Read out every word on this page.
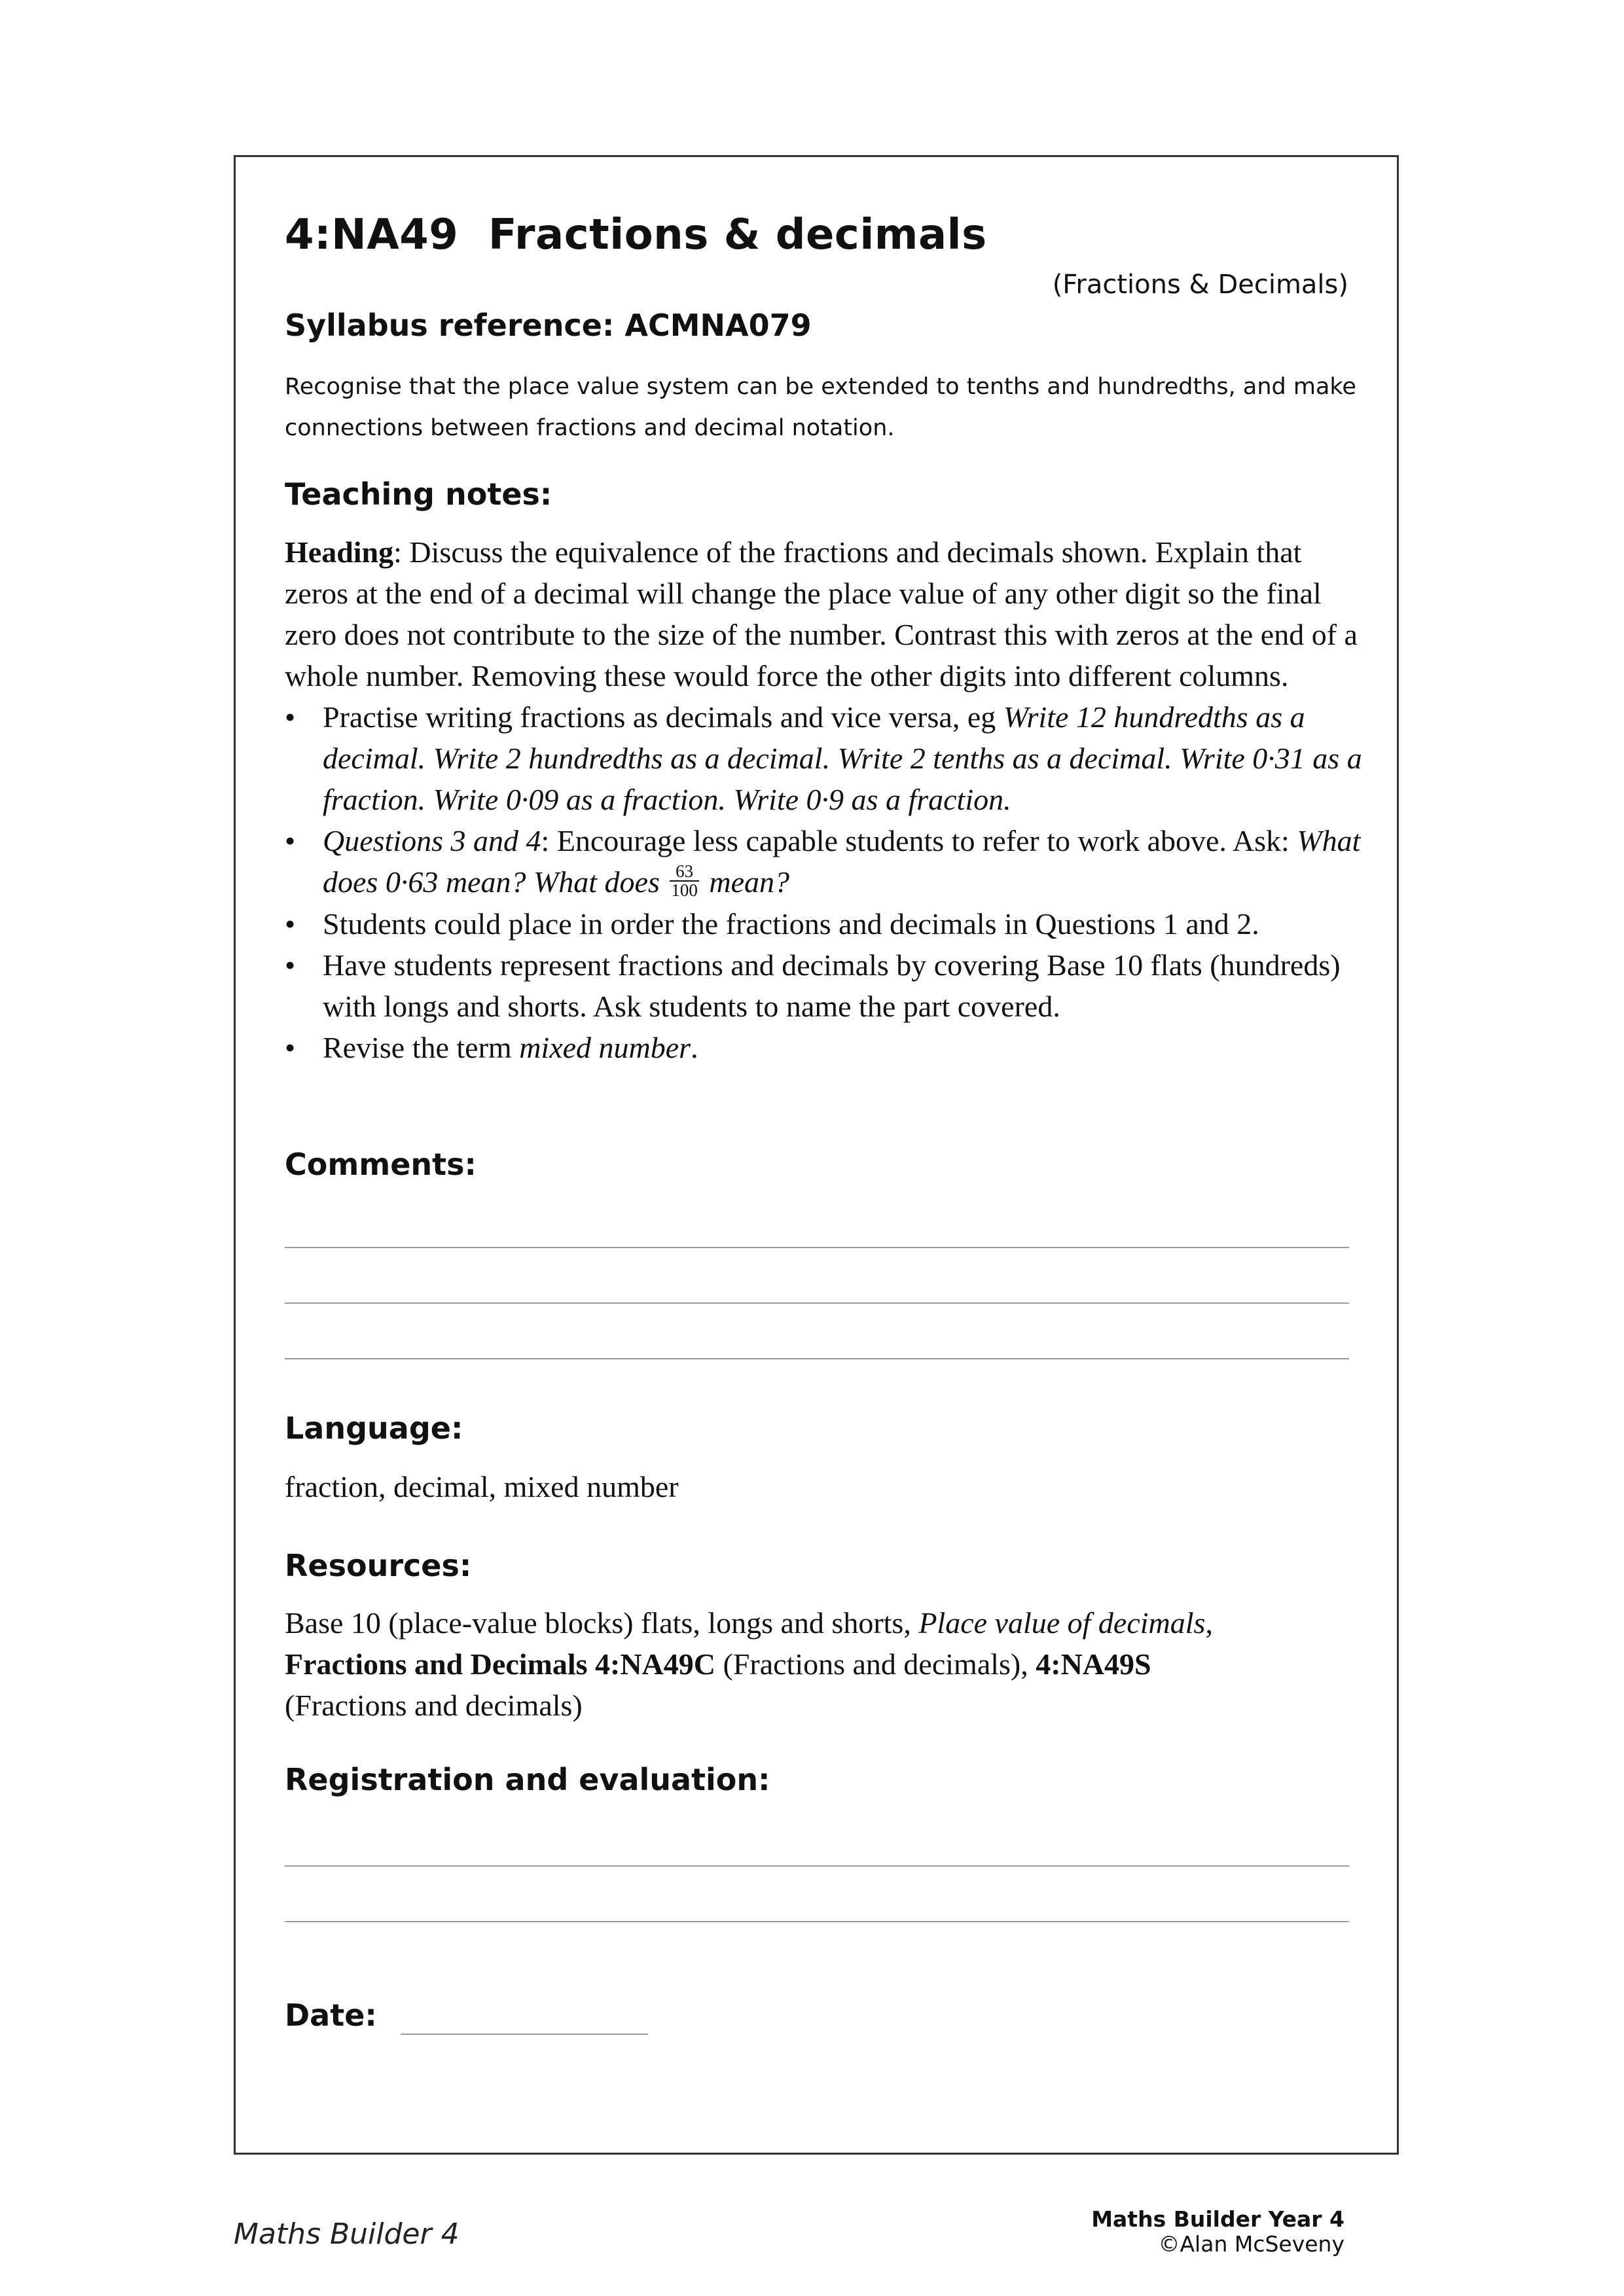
4:NA49  Fractions & decimals
(Fractions & Decimals)
Syllabus reference: ACMNA079
Recognise that the place value system can be extended to tenths and hundredths, and make connections between fractions and decimal notation.
Teaching notes:

Heading: Discuss the equivalence of the fractions and decimals shown. Explain that zeros at the end of a decimal will change the place value of any other digit so the final zero does not contribute to the size of the number. Contrast this with zeros at the end of a whole number. Removing these would force the other digits into different columns.

• Practise writing fractions as decimals and vice versa, eg Write 12 hundredths as a decimal. Write 2 hundredths as a decimal. Write 2 tenths as a decimal. Write 0·31 as a fraction. Write 0·09 as a fraction. Write 0·9 as a fraction.
• Questions 3 and 4: Encourage less capable students to refer to work above. Ask: What does 0·63 mean? What does $\frac{63}{100}$ mean?
• Students could place in order the fractions and decimals in Questions 1 and 2.
• Have students represent fractions and decimals by covering Base 10 flats (hundreds) with longs and shorts. Ask students to name the part covered.
• Revise the term mixed number.
Comments:
Language:
fraction, decimal, mixed number
Resources:
Base 10 (place-value blocks) flats, longs and shorts, Place value of decimals,
Fractions and Decimals 4:NA49C (Fractions and decimals), 4:NA49S
(Fractions and decimals)
Registration and evaluation:
Date:
Maths Builder 4	Maths Builder Year 4
©Alan McSeveny
